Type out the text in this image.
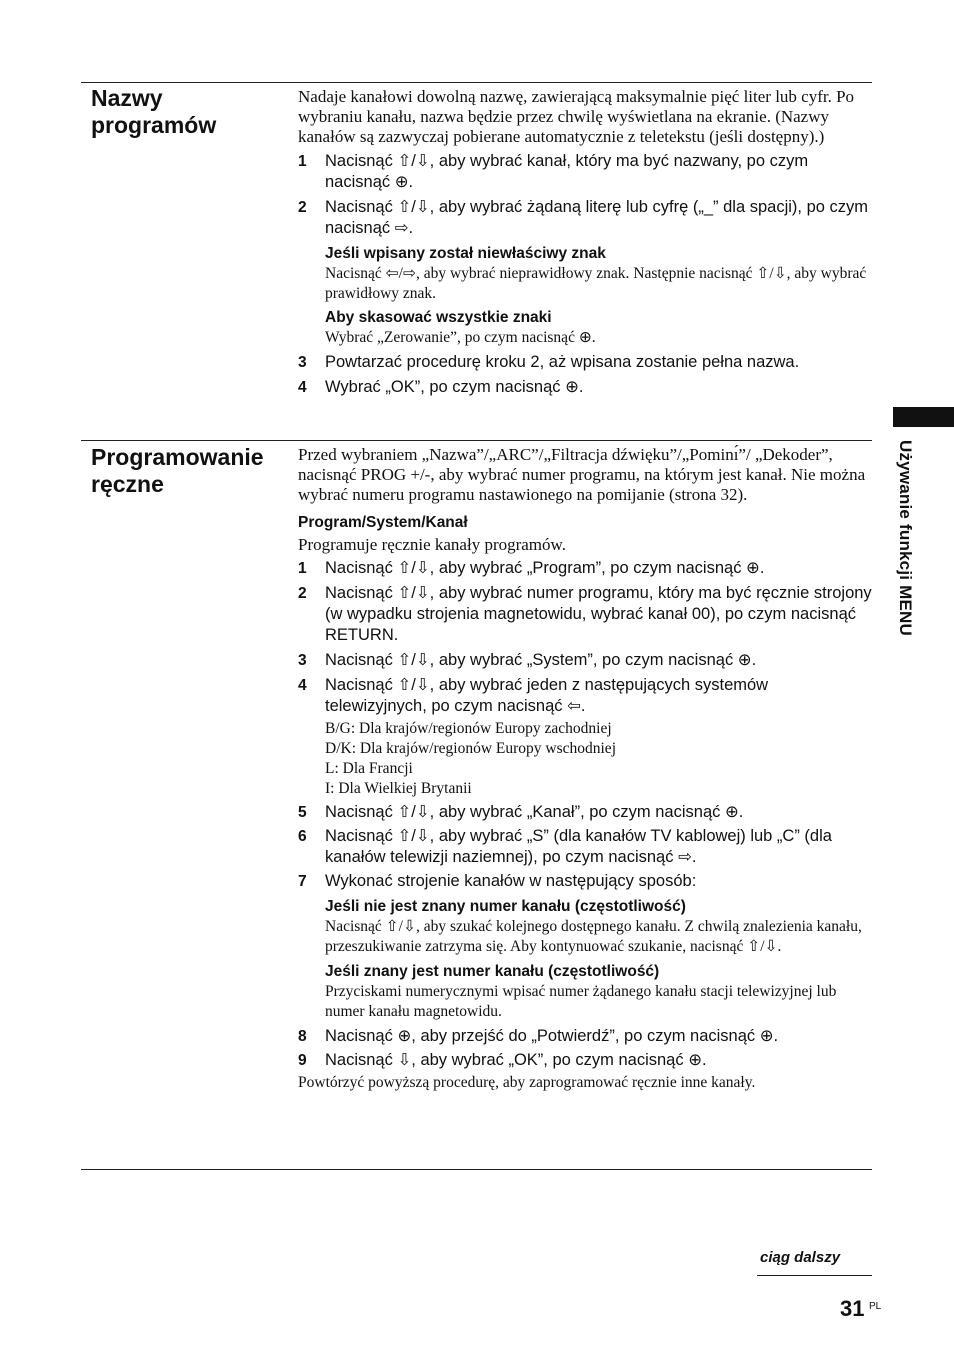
Używanie funkcji MENU
Nazwy programów

Nadaje kanałowi dowolną nazwę, zawierającą maksymalnie pięć liter lub cyfr. Po wybraniu kanału, nazwa będzie przez chwilę wyświetlana na ekranie. (Nazwy kanałów są zazwyczaj pobierane automatycznie z teletekstu (jeśli dostępny).)

1	Nacisnąć ⇧/⇩, aby wybrać kanał, który ma być nazwany, po czym nacisnąć ⊕.
2	Nacisnąć ⇧/⇩, aby wybrać żądaną literę lub cyfrę („_” dla spacji), po czym nacisnąć ⇨.

Jeśli wpisany został niewłaściwy znak

Nacisnąć ⇦/⇨, aby wybrać nieprawidłowy znak. Następnie nacisnąć ⇧/⇩, aby wybrać prawidłowy znak.

Aby skasować wszystkie znaki

Wybrać „Zerowanie”, po czym nacisnąć ⊕.

3	Powtarzać procedurę kroku 2, aż wpisana zostanie pełna nazwa.
4	Wybrać „OK”, po czym nacisnąć ⊕.
Programowanie ręczne

Przed wybraniem „Nazwa”/„ARC”/„Filtracja dźwięku”/„Pominı́”/ „Dekoder”, nacisnąć PROG +/-, aby wybrać numer programu, na którym jest kanał. Nie można wybrać numeru programu nastawionego na pomijanie (strona 32).

Program/System/Kanał

Programuje ręcznie kanały programów.

1	Nacisnąć ⇧/⇩, aby wybrać „Program”, po czym nacisnąć ⊕.
2	Nacisnąć ⇧/⇩, aby wybrać numer programu, który ma być ręcznie strojony (w wypadku strojenia magnetowidu, wybrać kanał 00), po czym nacisnąć RETURN.
3	Nacisnąć ⇧/⇩, aby wybrać „System”, po czym nacisnąć ⊕.
4	Nacisnąć ⇧/⇩, aby wybrać jeden z następujących systemów telewizyjnych, po czym nacisnąć ⇦.

B/G: Dla krajów/regionów Europy zachodniej

D/K: Dla krajów/regionów Europy wschodniej

L: Dla Francji

I: Dla Wielkiej Brytanii

5	Nacisnąć ⇧/⇩, aby wybrać „Kanał”, po czym nacisnąć ⊕.
6	Nacisnąć ⇧/⇩, aby wybrać „S” (dla kanałów TV kablowej) lub „C” (dla kanałów telewizji naziemnej), po czym nacisnąć ⇨.
7	Wykonać strojenie kanałów w następujący sposób:

Jeśli nie jest znany numer kanału (częstotliwość)

Nacisnąć ⇧/⇩, aby szukać kolejnego dostępnego kanału. Z chwilą znalezienia kanału, przeszukiwanie zatrzyma się. Aby kontynuować szukanie, nacisnąć ⇧/⇩.

Jeśli znany jest numer kanału (częstotliwość)

Przyciskami numerycznymi wpisać numer żądanego kanału stacji telewizyjnej lub numer kanału magnetowidu.

8	Nacisnąć ⊕, aby przejść do „Potwierdź”, po czym nacisnąć ⊕.
9	Nacisnąć ⇩, aby wybrać „OK”, po czym nacisnąć ⊕.

Powtórzyć powyższą procedurę, aby zaprogramować ręcznie inne kanały.

ciąg dalszy
31 PL
